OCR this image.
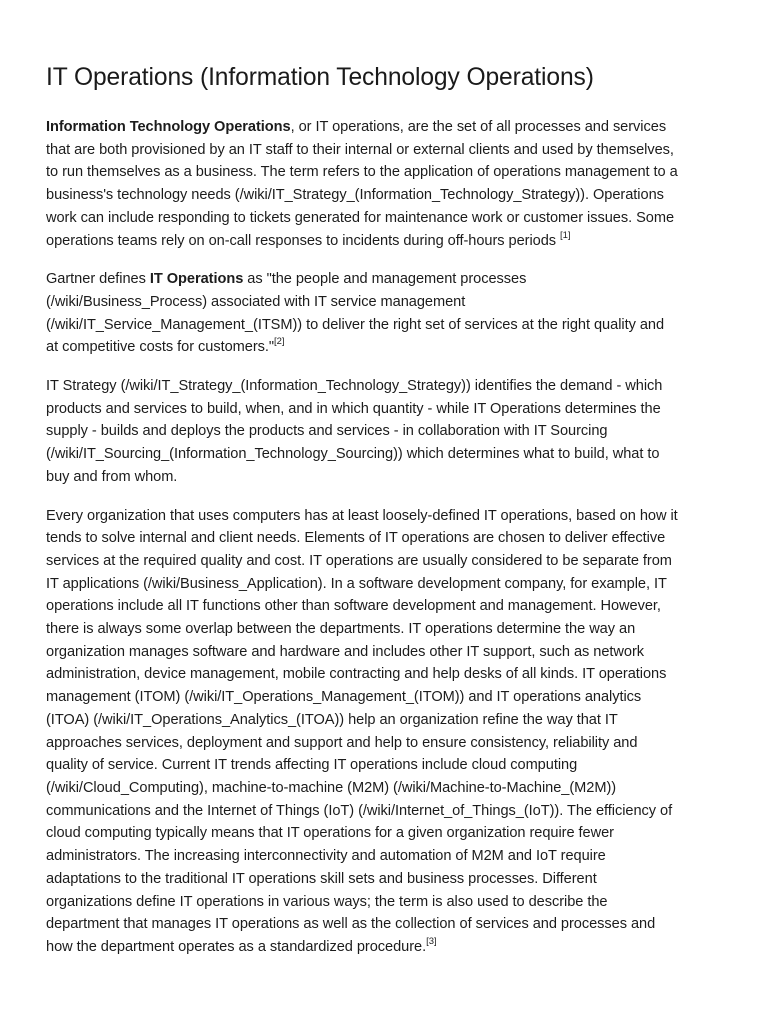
IT Operations (Information Technology Operations)

Information Technology Operations, or IT operations, are the set of all processes and services
that are both provisioned by an IT staff to their internal or external clients and used by themselves,
to run themselves as a business. The term refers to the application of operations management to a
business's technology needs (/wiki/IT_Strategy_(Information_Technology_Strategy)). Operations
work can include responding to tickets generated for maintenance work or customer issues. Some
operations teams rely on on-call responses to incidents during off-hours periods [1]

Gartner defines IT Operations as "the people and management processes
(/wiki/Business_Process) associated with IT service management
(/wiki/IT_Service_Management_(ITSM)) to deliver the right set of services at the right quality and
at competitive costs for customers."[2]

IT Strategy (/wiki/IT_Strategy_(Information_Technology_Strategy)) identifies the demand - which
products and services to build, when, and in which quantity - while IT Operations determines the
supply - builds and deploys the products and services - in collaboration with IT Sourcing
(/wiki/IT_Sourcing_(Information_Technology_Sourcing)) which determines what to build, what to
buy and from whom.

Every organization that uses computers has at least loosely-defined IT operations, based on how it
tends to solve internal and client needs. Elements of IT operations are chosen to deliver effective
services at the required quality and cost. IT operations are usually considered to be separate from
IT applications (/wiki/Business_Application). In a software development company, for example, IT
operations include all IT functions other than software development and management. However,
there is always some overlap between the departments. IT operations determine the way an
organization manages software and hardware and includes other IT support, such as network
administration, device management, mobile contracting and help desks of all kinds. IT operations
management (ITOM) (/wiki/IT_Operations_Management_(ITOM)) and IT operations analytics
(ITOA) (/wiki/IT_Operations_Analytics_(ITOA)) help an organization refine the way that IT
approaches services, deployment and support and help to ensure consistency, reliability and
quality of service. Current IT trends affecting IT operations include cloud computing
(/wiki/Cloud_Computing), machine-to-machine (M2M) (/wiki/Machine-to-Machine_(M2M))
communications and the Internet of Things (IoT) (/wiki/Internet_of_Things_(IoT)). The efficiency of
cloud computing typically means that IT operations for a given organization require fewer
administrators. The increasing interconnectivity and automation of M2M and IoT require
adaptations to the traditional IT operations skill sets and business processes. Different
organizations define IT operations in various ways; the term is also used to describe the
department that manages IT operations as well as the collection of services and processes and
how the department operates as a standardized procedure.[3]
